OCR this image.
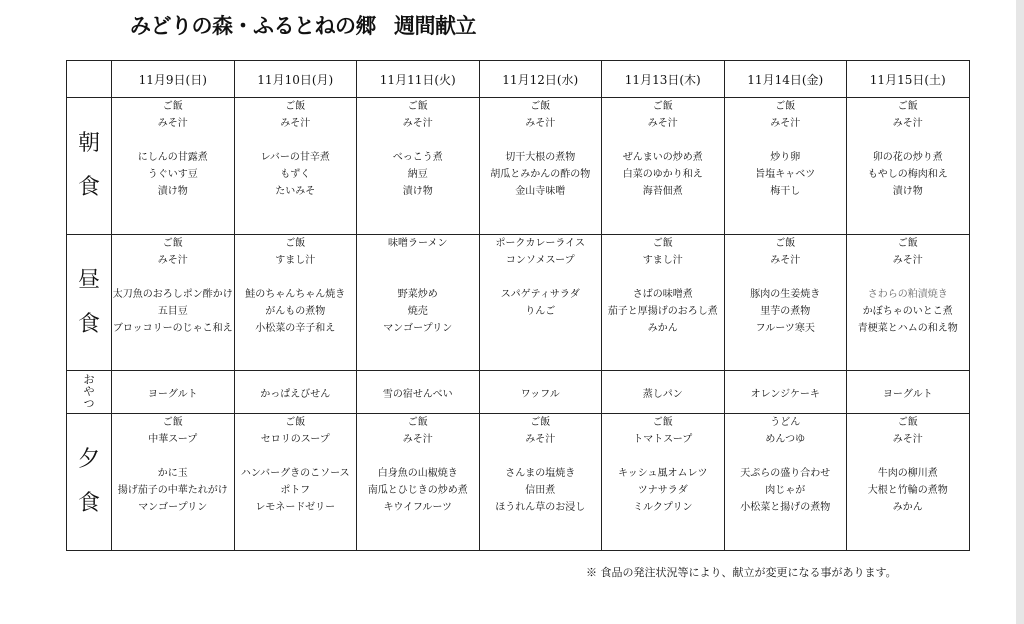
みどりの森・ふるとねの郷 週間献立
	11月9日(日)	11月10日(月)	11月11日(火)	11月12日(水)	11月13日(木)	11月14日(金)	11月15日(土)

朝
食	ご飯
みそ汁
にしんの甘露煮
うぐいす豆
漬け物	ご飯
みそ汁
レバーの甘辛煮
もずく
たいみそ	ご飯
みそ汁
べっこう煮
納豆
漬け物	ご飯
みそ汁
切干大根の煮物
胡瓜とみかんの酢の物
金山寺味噌	ご飯
みそ汁
ぜんまいの炒め煮
白菜のゆかり和え
海苔佃煮	ご飯
みそ汁
炒り卵
旨塩キャベツ
梅干し	ご飯
みそ汁
卯の花の炒り煮
もやしの梅肉和え
漬け物

昼
食	ご飯
みそ汁
太刀魚のおろしポン酢かけ
五目豆
ブロッコリーのじゃこ和え	ご飯
すまし汁
鮭のちゃんちゃん焼き
がんもの煮物
小松菜の辛子和え	味噌ラーメン
野菜炒め
焼売
マンゴープリン	ポークカレーライス
コンソメスープ
スパゲティサラダ
りんご	ご飯
すまし汁
さばの味噌煮
茄子と厚揚げのおろし煮
みかん	ご飯
みそ汁
豚肉の生姜焼き
里芋の煮物
フルーツ寒天	ご飯
みそ汁
さわらの粕漬焼き
かぼちゃのいとこ煮
青梗菜とハムの和え物

お
や
つ	ヨーグルト	かっぱえびせん	雪の宿せんべい	ワッフル	蒸しパン	オレンジケーキ	ヨーグルト

夕
食	ご飯
中華スープ
かに玉
揚げ茄子の中華たれがけ
マンゴープリン	ご飯
セロリのスープ
ハンバーグきのこソース
ポトフ
レモネードゼリー	ご飯
みそ汁
白身魚の山椒焼き
南瓜とひじきの炒め煮
キウイフルーツ	ご飯
みそ汁
さんまの塩焼き
信田煮
ほうれん草のお浸し	ご飯
トマトスープ
キッシュ風オムレツ
ツナサラダ
ミルクプリン	うどん
めんつゆ
天ぷらの盛り合わせ
肉じゃが
小松菜と揚げの煮物	ご飯
みそ汁
牛肉の柳川煮
大根と竹輪の煮物
みかん
※ 食品の発注状況等により、献立が変更になる事があります。
